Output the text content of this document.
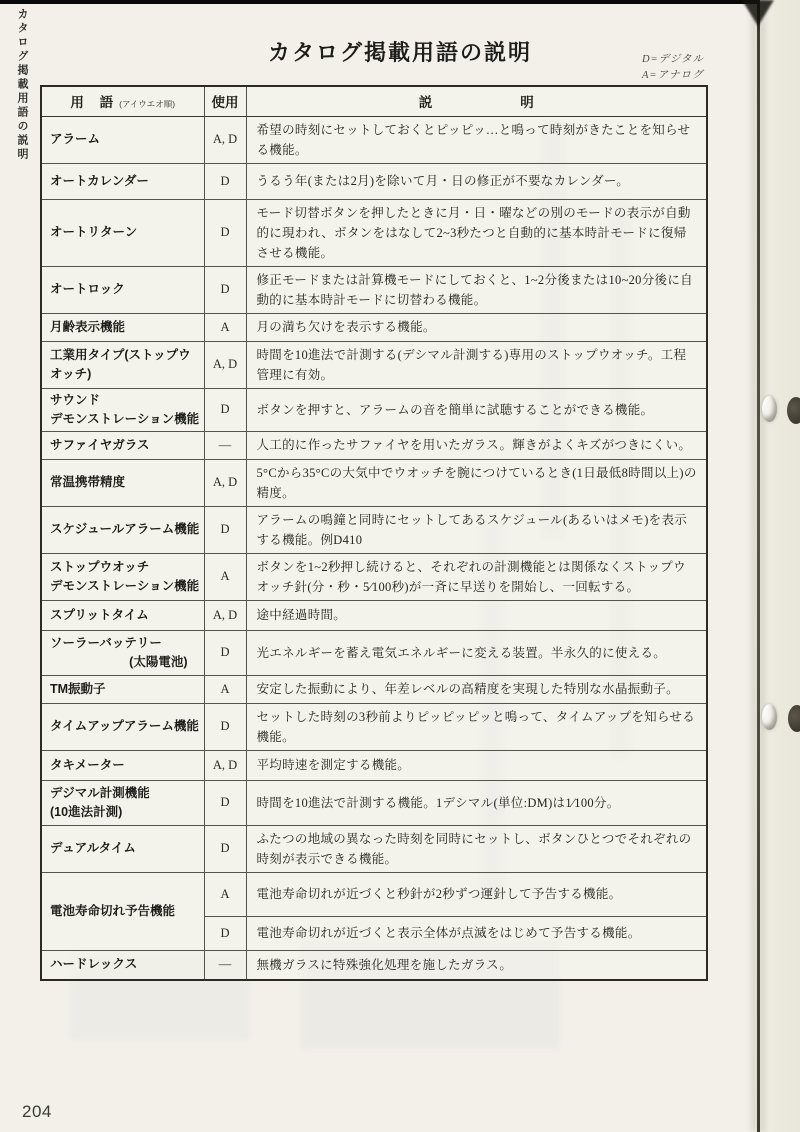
カタログ掲載用語の説明	カタログ掲載用語の説明	D=デジタル
A=アナログ
用 語(アイウエオ順)	使用	説明

アラーム	A, D	希望の時刻にセットしておくとピッピッ…と鳴って時刻がきたことを知らせる機能。

オートカレンダー	D	うるう年(または2月)を除いて月・日の修正が不要なカレンダー。

オートリターン	D	モード切替ボタンを押したときに月・日・曜などの別のモードの表示が自動的に現われ、ボタンをはなして2~3秒たつと自動的に基本時計モードに復帰させる機能。

オートロック	D	修正モードまたは計算機モードにしておくと、1~2分後または10~20分後に自動的に基本時計モードに切替わる機能。

月齢表示機能	A	月の満ち欠けを表示する機能。

工業用タイプ(ストップウオッチ)	A, D	時間を10進法で計測する(デシマル計測する)専用のストップウオッチ。工程管理に有効。

サウンド
デモンストレーション機能	D	ボタンを押すと、アラームの音を簡単に試聴することができる機能。

サファイヤガラス	—	人工的に作ったサファイヤを用いたガラス。輝きがよくキズがつきにくい。

常温携帯精度	A, D	5°Cから35°Cの大気中でウオッチを腕につけているとき(1日最低8時間以上)の精度。

スケジュールアラーム機能	D	アラームの鳴鐘と同時にセットしてあるスケジュール(あるいはメモ)を表示する機能。例D410

ストップウオッチ
デモンストレーション機能	A	ボタンを1~2秒押し続けると、それぞれの計測機能とは関係なくストップウオッチ針(分・秒・5⁄100秒)が一斉に早送りを開始し、一回転する。

スプリットタイム	A, D	途中経過時間。

ソーラーバッテリー
(太陽電池)	D	光エネルギーを蓄え電気エネルギーに変える装置。半永久的に使える。

TM振動子	A	安定した振動により、年差レベルの高精度を実現した特別な水晶振動子。

タイムアップアラーム機能	D	セットした時刻の3秒前よりピッピッピッと鳴って、タイムアップを知らせる機能。

タキメーター	A, D	平均時速を測定する機能。

デジマル計測機能
(10進法計測)	D	時間を10進法で計測する機能。1デシマル(単位:DM)は1⁄100分。

デュアルタイム	D	ふたつの地域の異なった時刻を同時にセットし、ボタンひとつでそれぞれの時刻が表示できる機能。

電池寿命切れ予告機能	A	電池寿命切れが近づくと秒針が2秒ずつ運針して予告する機能。
	D	電池寿命切れが近づくと表示全体が点滅をはじめて予告する機能。

ハードレックス	—	無機ガラスに特殊強化処理を施したガラス。
204
